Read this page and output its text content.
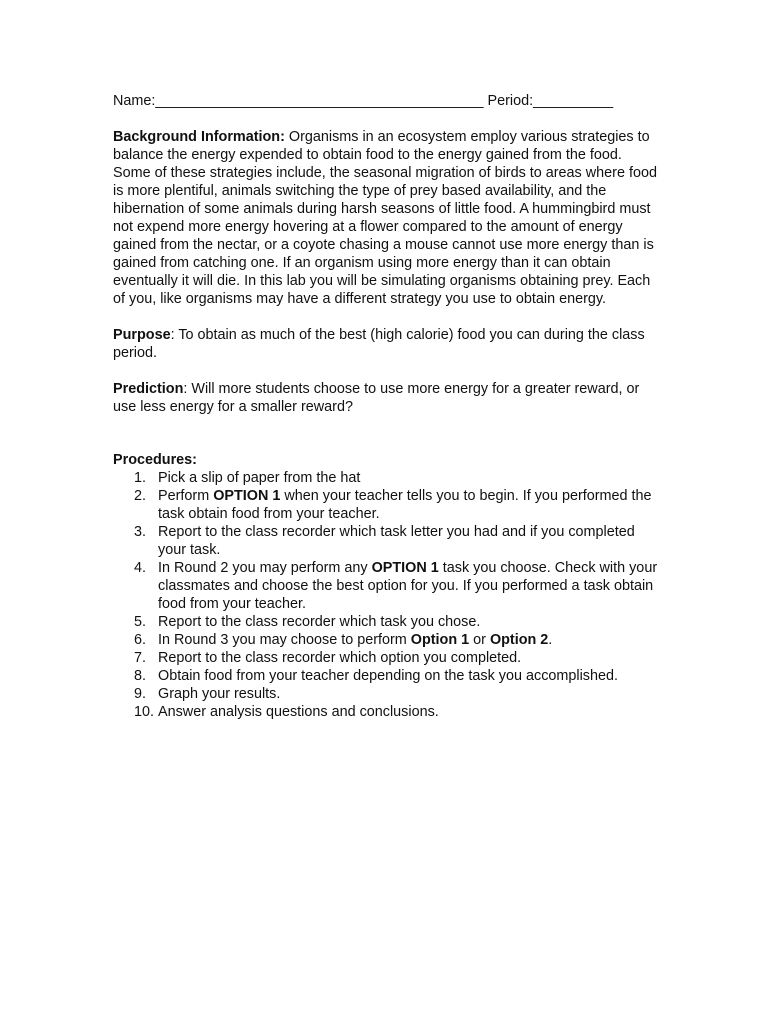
Name:_________________________________________ Period:__________

Background Information: Organisms in an ecosystem employ various strategies to balance the energy expended to obtain food to the energy gained from the food. Some of these strategies include, the seasonal migration of birds to areas where food is more plentiful, animals switching the type of prey based availability, and the hibernation of some animals during harsh seasons of little food. A hummingbird must not expend more energy hovering at a flower compared to the amount of energy gained from the nectar, or a coyote chasing a mouse cannot use more energy than is gained from catching one. If an organism using more energy than it can obtain eventually it will die. In this lab you will be simulating organisms obtaining prey. Each of you, like organisms may have a different strategy you use to obtain energy.

Purpose: To obtain as much of the best (high calorie) food you can during the class period.

Prediction: Will more students choose to use more energy for a greater reward, or use less energy for a smaller reward?

Procedures:

1. Pick a slip of paper from the hat
2. Perform OPTION 1 when your teacher tells you to begin. If you performed the task obtain food from your teacher.
3. Report to the class recorder which task letter you had and if you completed your task.
4. In Round 2 you may perform any OPTION 1 task you choose. Check with your classmates and choose the best option for you. If you performed a task obtain food from your teacher.
5. Report to the class recorder which task you chose.
6. In Round 3 you may choose to perform Option 1 or Option 2.
7. Report to the class recorder which option you completed.
8. Obtain food from your teacher depending on the task you accomplished.
9. Graph your results.
10. Answer analysis questions and conclusions.
